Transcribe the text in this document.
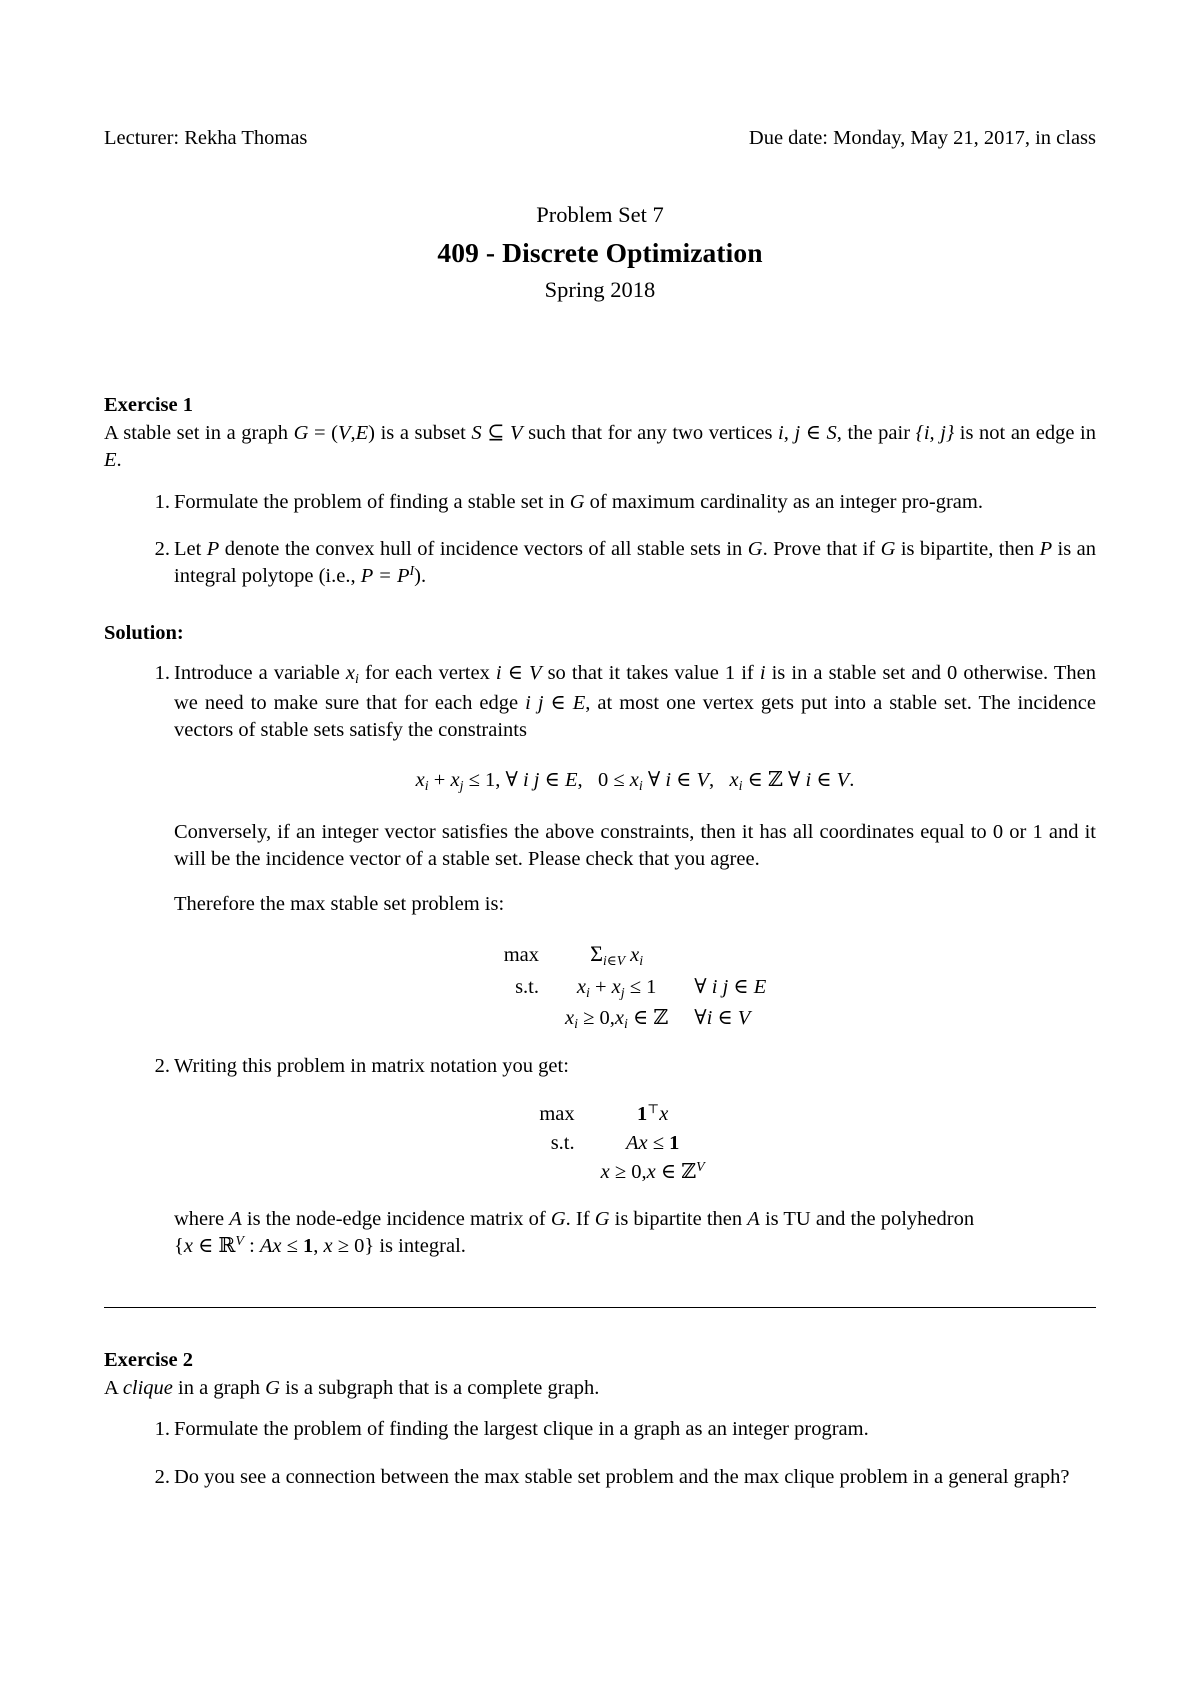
Lecturer: Rekha Thomas	Due date: Monday, May 21, 2017, in class
Problem Set 7
409 - Discrete Optimization
Spring 2018
Exercise 1

A stable set in a graph G = (V,E) is a subset S ⊆ V such that for any two vertices i, j ∈ S, the pair {i, j} is not an edge in E.

Formulate the problem of finding a stable set in G of maximum cardinality as an integer pro-gram.
Let P denote the convex hull of incidence vectors of all stable sets in G. Prove that if G is bipartite, then P is an integral polytope (i.e., $P = P^I$).
Solution:
Introduce a variable $x_i$ for each vertex i ∈ V so that it takes value 1 if i is in a stable set and 0 otherwise. Then we need to make sure that for each edge i j ∈ E, at most one vertex gets put into a stable set. The incidence vectors of stable sets satisfy the constraints
$x_i + x_j \le 1$, ∀ i j ∈ E,   $0 \le x_i$ ∀ i ∈ V,   $x_i$ ∈ ℤ ∀ i ∈ V.

Conversely, if an integer vector satisfies the above constraints, then it has all coordinates equal to 0 or 1 and it will be the incidence vector of a stable set. Please check that you agree.

Therefore the max stable set problem is:

max	Σi∈V $x_i$	
s.t.	$x_i + x_j \le 1$	∀ i j ∈ E
	$x_i \ge 0,x_i$ ∈ ℤ	∀i ∈ V
Writing this problem in matrix notation you get:
max	1⊤x
s.t.	Ax ≤ 1
	x ≥ 0,x ∈ ℤ$^V$

where A is the node-edge incidence matrix of G. If G is bipartite then A is TU and the polyhedron
{x ∈ ℝ$^V$ : Ax ≤ 1, x ≥ 0} is integral.

Exercise 2

A clique in a graph G is a subgraph that is a complete graph.

Formulate the problem of finding the largest clique in a graph as an integer program.
Do you see a connection between the max stable set problem and the max clique problem in a general graph?
